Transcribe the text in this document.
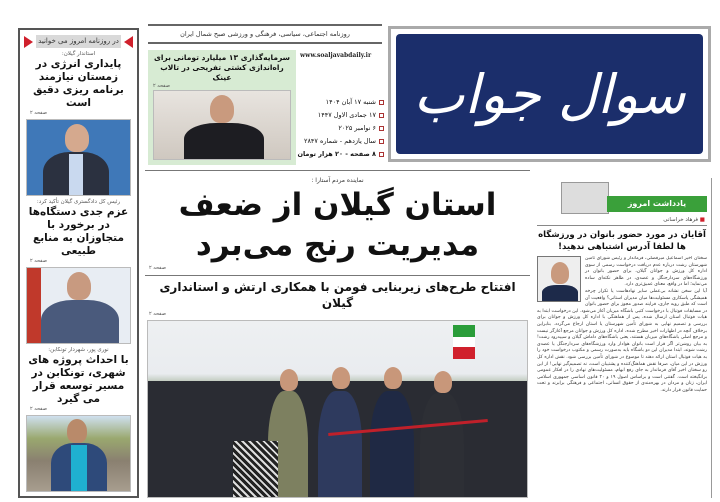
در روزنامه امروز می خوانید
استاندار گیلان:
پایداری انرژی در زمستان نیازمند برنامه ریزی دقیق است
صفحه ۲
رئیس کل دادگستری گیلان تأکید کرد:
عزم جدی دستگاه‌ها در برخورد با متجاوزان به منابع طبیعی
صفحه ۲
نوری پور، شهردار تونکابن:
با احداث پروژه های شهری، تونکابن در مسیر توسعه قرار می گیرد
صفحه ۲
روزنامه اجتماعی، سیاسی، فرهنگی و ورزشی صبح شمال ایران
سرمایه‌گذاری ۱۳ میلیارد تومانی برای راه‌اندازی کشتی تفریحی در تالاب عینک
صفحه ۲
www.soaljavabdaily.ir
شنبه ۱۷ آبان ۱۴۰۴
۱۷ جمادی الاول ۱۴۴۷
۶ نوامبر ۲۰۲۵
سال یازدهم - شماره ۲۸۴۷
۸ صفحه - ۲۰ هزار تومان
سوال جواب
نماینده مردم آستارا :
استان گیلان از ضعف
مدیریت رنج می‌برد
صفحه ۲
افتتاح طرح‌های زیربنایی فومن با همکاری ارتش و استانداری گیلان
صفحه ۲
یادداشت امروز
■ فرهاد خراسانی
آقایان در مورد حضور بانوان در ورزشگاه ها لطفا آدرس اشتباهی ندهید!

سخنان اخیر اسماعیل میرفضلی، فرماندار و رئیس شورای تأمین شهرستان رشت درباره عدم دریافت درخواست رسمی از سوی اداره کل ورزش و جوانان گیلان، برای حضور بانوان در ورزشگاه‌های سردارجنگل و عضدی، در ظاهر نکته‌ای ساده می‌نماید؛ اما در واقع، معنای عمیق‌تری دارد.

آیا این سخن نشانه بی‌عملی سایر نهادهاست یا تکرار چرخه همیشگی پاسکاری مسئولیت‌ها میان مدیران استانی؟ واقعیت آن است که طبق رویه جاری، فرایند صدور مجوز برای حضور بانوان در مسابقات فوتبال با درخواست کتبی باشگاه میزبان آغاز می‌شود. این درخواست ابتدا به هیات فوتبال استان ارسال شده، پس از هماهنگی با اداره کل ورزش و جوانان برای بررسی و تصمیم نهایی به شورای تأمین شهرستان یا استان ارجاع می‌گردد. بنابراین برخلاف آنچه در اظهارات اخیر مطرح شده، اداره کل ورزش و جوانان مرجع آغازگر نیست و مرجع اصلی باشگاه‌های میزبان هستند، یعنی باشگاه‌های داماش گیلان و سپیدرود رشت! به بیان روشن‌تر اگر قرار است بانوان هوادار وارد ورزشگاه‌های سردارجنگل یا عضدی رشت شوند، ابتدا مدیران این دو باشگاه باید به‌صورت رسمی و مکتوب درخواست خود را به هیات فوتبال استان ارائه دهند تا موضوع در شورای تأمین بررسی شود. نقش اداره کل ورزش در این میان، صرفا نقش هماهنگ‌کننده و پشتیبان است، نه تصمیم‌گیر نهایی! از این رو سخنان اخیر آقای فرماندار به جای رفع ابهام، مسئولیت‌های نهادی را در افکار عمومی برانگیخته است. گفتنی است و براساس اصول ۱۹ و ۲۰ قانون اساسی جمهوری اسلامی ایران، زنان و مردان در بهره‌مندی از حقوق انسانی، اجتماعی و فرهنگی برابرند و تحت حمایت قانون قرار دارند.
